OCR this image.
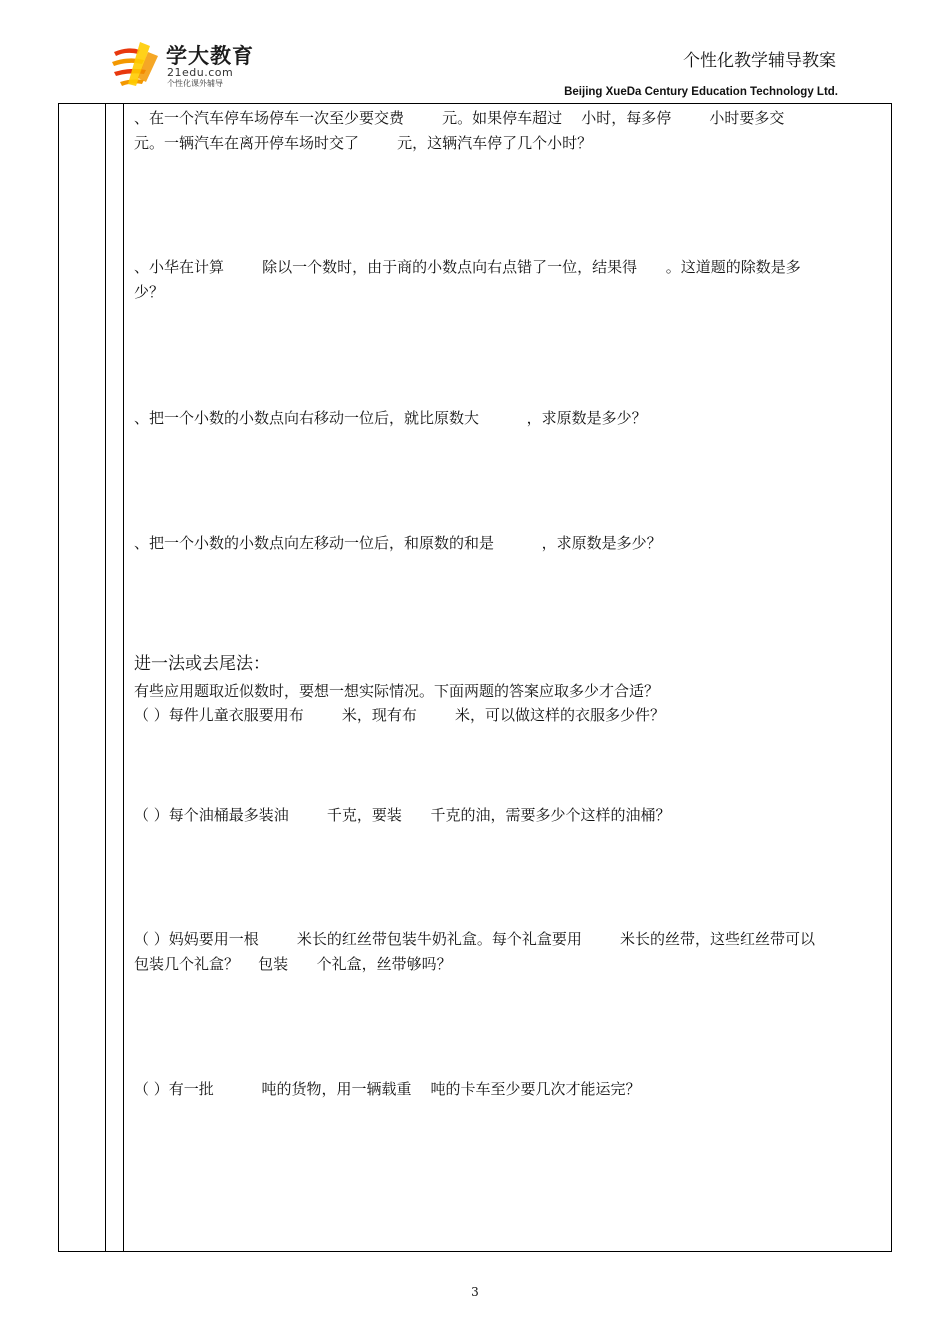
学大教育
21edu.com
个性化课外辅导
个性化教学辅导教案
Beijing XueDa Century Education Technology Ltd.

、在一个汽车停车场停车一次至少要交费        元。如果停车超过    小时，每多停        小时要多交
元。一辆汽车在离开停车场时交了        元，这辆汽车停了几个小时？

、小华在计算        除以一个数时，由于商的小数点向右点错了一位，结果得      。这道题的除数是多
少？

、把一个小数的小数点向右移动一位后，就比原数大          ，求原数是多少？

、把一个小数的小数点向左移动一位后，和原数的和是          ，求原数是多少？

进一法或去尾法：

有些应用题取近似数时，要想一想实际情况。下面两题的答案应取多少才合适？

（ ）每件儿童衣服要用布        米，现有布        米，可以做这样的衣服多少件？

（ ）每个油桶最多装油        千克，要装      千克的油，需要多少个这样的油桶？

（ ）妈妈要用一根        米长的红丝带包装牛奶礼盒。每个礼盒要用        米长的丝带，这些红丝带可以
包装几个礼盒？    包装      个礼盒，丝带够吗？

（ ）有一批          吨的货物，用一辆载重    吨的卡车至少要几次才能运完？

3
